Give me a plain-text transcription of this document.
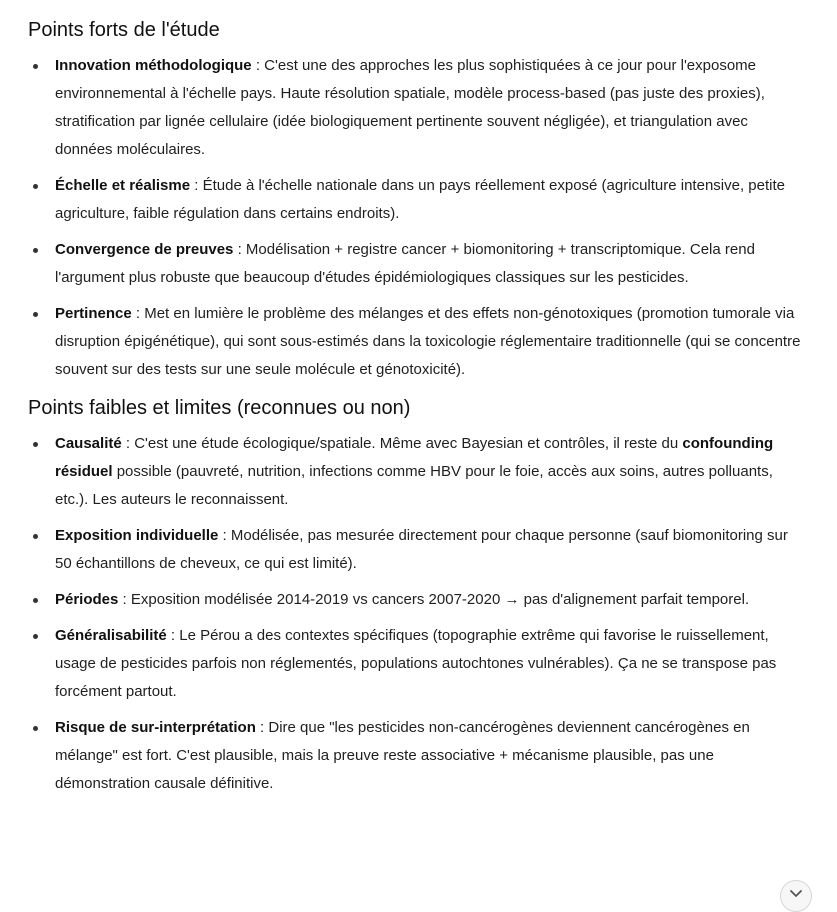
Points forts de l'étude
Innovation méthodologique : C'est une des approches les plus sophistiquées à ce jour pour l'exposome environnemental à l'échelle pays. Haute résolution spatiale, modèle process-based (pas juste des proxies), stratification par lignée cellulaire (idée biologiquement pertinente souvent négligée), et triangulation avec données moléculaires.
Échelle et réalisme : Étude à l'échelle nationale dans un pays réellement exposé (agriculture intensive, petite agriculture, faible régulation dans certains endroits).
Convergence de preuves : Modélisation + registre cancer + biomonitoring + transcriptomique. Cela rend l'argument plus robuste que beaucoup d'études épidémiologiques classiques sur les pesticides.
Pertinence : Met en lumière le problème des mélanges et des effets non-génotoxiques (promotion tumorale via disruption épigénétique), qui sont sous-estimés dans la toxicologie réglementaire traditionnelle (qui se concentre souvent sur des tests sur une seule molécule et génotoxicité).
Points faibles et limites (reconnues ou non)
Causalité : C'est une étude écologique/spatiale. Même avec Bayesian et contrôles, il reste du confounding résiduel possible (pauvreté, nutrition, infections comme HBV pour le foie, accès aux soins, autres polluants, etc.). Les auteurs le reconnaissent.
Exposition individuelle : Modélisée, pas mesurée directement pour chaque personne (sauf biomonitoring sur 50 échantillons de cheveux, ce qui est limité).
Périodes : Exposition modélisée 2014-2019 vs cancers 2007-2020 → pas d'alignement parfait temporel.
Généralisabilité : Le Pérou a des contextes spécifiques (topographie extrême qui favorise le ruissellement, usage de pesticides parfois non réglementés, populations autochtones vulnérables). Ça ne se transpose pas forcément partout.
Risque de sur-interprétation : Dire que "les pesticides non-cancérogènes deviennent cancérogènes en mélange" est fort. C'est plausible, mais la preuve reste associative + mécanisme plausible, pas une démonstration causale définitive.
